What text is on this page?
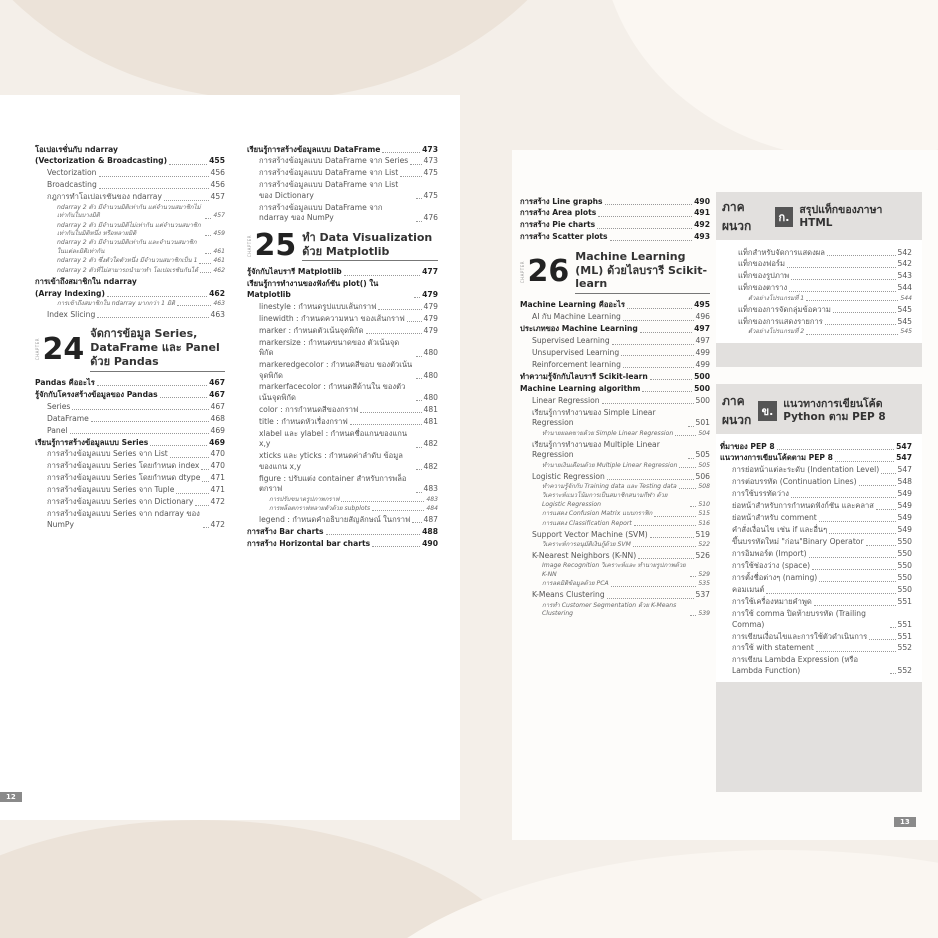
โอเปอเรชั่นกับ ndarray
(Vectorization & Broadcasting)	455
Vectorization	456
Broadcasting	456
กฎการทำโอเปอเรชันของ ndarray	457
ndarray 2 ตัว มีจำนวนมิติเท่ากัน แต่จำนวนสมาชิกไม่เท่ากันในบางมิติ	457
ndarray 2 ตัว มีจำนวนมิติไม่เท่ากัน แต่จำนวนสมาชิกเท่ากันในมิติหนึ่ง หรือหลายมิติ	459
ndarray 2 ตัว มีจำนวนมิติเท่ากัน และจำนวนสมาชิกในแต่ละมิติเท่ากัน	461
ndarray 2 ตัว ซึ่งตัวใดตัวหนึ่ง มีจำนวนสมาชิกเป็น 1	461
ndarray 2 ตัวที่ไม่สามารถนำมาทำ โอเปอเรชันกันได้	462
การเข้าถึงสมาชิกใน ndarray
(Array Indexing)	462
การเข้าถึงสมาชิกใน ndarray มากกว่า 1 มิติ	463
Index Slicing	463
CHAPTER 24 จัดการข้อมูล Series, DataFrame และ Panel ด้วย Pandas
Pandas คืออะไร	467
รู้จักกับโครงสร้างข้อมูลของ Pandas	467
Series	467
DataFrame	468
Panel	469
เรียนรู้การสร้างข้อมูลแบบ Series	469
การสร้างข้อมูลแบบ Series จาก List	470
การสร้างข้อมูลแบบ Series โดยกำหนด index 470
การสร้างข้อมูลแบบ Series โดยกำหนด dtype 471
การสร้างข้อมูลแบบ Series จาก Tuple	471
การสร้างข้อมูลแบบ Series จาก Dictionary 472
การสร้างข้อมูลแบบ Series จาก ndarray ของ NumPy	472
เรียนรู้การสร้างข้อมูลแบบ DataFrame	473
การสร้างข้อมูลแบบ DataFrame จาก Series 473
การสร้างข้อมูลแบบ DataFrame จาก List	475
การสร้างข้อมูลแบบ DataFrame จาก List ของ Dictionary	475
การสร้างข้อมูลแบบ DataFrame จาก ndarray ของ NumPy	476
CHAPTER 25 ทำ Data Visualization ด้วย Matplotlib
รู้จักกับไลบรารี Matplotlib	477
เรียนรู้การทำงานของฟังก์ชัน plot() ใน Matplotlib	479
linestyle : กำหนดรูปแบบเส้นกราฟ	479
linewidth : กำหนดความหนา ของเส้นกราฟ 479
marker : กำหนดตัวเน้นจุดพิกัด	479
markersize : กำหนดขนาดของ ตัวเน้นจุดพิกัด	480
markeredgecolor : กำหนดสีขอบ ของตัวเน้นจุดพิกัด	480
markerfacecolor : กำหนดสีด้านใน ของตัวเน้นจุดพิกัด	480
color : การกำหนดสีของกราฟ	481
title : กำหนดหัวเรื่องกราฟ	481
xlabel และ ylabel : กำหนดชื่อแกนของแกน x,y	482
xticks และ yticks : กำหนดค่าลำดับ ข้อมูลของแกน x,y	482
figure : ปรับแต่ง container สำหรับการพล็อตกราฟ	483
การปรับขนาดรูปภาพกราฟ	483
การพล็อตกราฟหลายตัวด้วย subplots	484
legend : กำหนดคำอธิบายสัญลักษณ์ ในกราฟ 487
การสร้าง Bar charts	488
การสร้าง Horizontal bar charts	490
12
การสร้าง Line graphs	490
การสร้าง Area plots	491
การสร้าง Pie charts	492
การสร้าง Scatter plots	493
CHAPTER 26 Machine Learning (ML) ด้วยไลบรารี Scikit-learn
Machine Learning คืออะไร	495
AI กับ Machine Learning	496
ประเภทของ Machine Learning	497
Supervised Learning	497
Unsupervised Learning	499
Reinforcement learning	499
ทำความรู้จักกับไลบรารี Scikit-learn	500
Machine Learning algorithm	500
Linear Regression	500
เรียนรู้การทำงานของ Simple Linear Regression	501
ทำนายยอดขายด้วย Simple Linear Regression	504
เรียนรู้การทำงานของ Multiple Linear Regression	505
ทำนายเงินเดือนด้วย Multiple Linear Regression	505
Logistic Regression	506
ทำความรู้จักกับ Training data และ Testing data	508
วิเคราะห์แนวโน้มการเป็นสมาชิกสนามกีฬา ด้วย Logistic Regression	510
การแสดง Confusion Matrix แบบกราฟิก	515
การแสดง Classification Report	516
Support Vector Machine (SVM)	519
วิเคราะห์การอนุมัติเงินกู้ด้วย SVM	522
K-Nearest Neighbors (K-NN)	526
Image Recognition วิเคราะห์และ ทำนายรูปภาพด้วย K-NN	529
การลดมิติข้อมูลด้วย PCA	535
K-Means Clustering	537
การทำ Customer Segmentation ด้วย K-Means Clustering	539
ภาคผนวก
ก.
สรุปแท็กของภาษา HTML
แท็กสำหรับจัดการแสดงผล	542
แท็กของฟอร์ม	542
แท็กของรูปภาพ	543
แท็กของตาราง	544
ตัวอย่างโปรแกรมที่ 1	544
แท็กของการจัดกลุ่มข้อความ	545
แท็กของการแสดงรายการ	545
ตัวอย่างโปรแกรมที่ 2	545
ภาคผนวก
ข.
แนวทางการเขียนโค้ด Python ตาม PEP 8
ที่มาของ PEP 8	547
แนวทางการเขียนโค้ดตาม PEP 8	547
การย่อหน้าแต่ละระดับ (Indentation Level) 547
การต่อบรรทัด (Continuation Lines)	548
การใช้บรรทัดว่าง	549
ย่อหน้าสำหรับการกำหนดฟังก์ชัน และคลาส	549
ย่อหน้าสำหรับ comment	549
คำสั่งเงื่อนไข เช่น if และอื่นๆ	549
ขึ้นบรรทัดใหม่ "ก่อน"Binary Operator	550
การอิมพอร์ต (Import)	550
การใช้ช่องว่าง (space)	550
การตั้งชื่อต่างๆ (naming)	550
คอมเมนต์	550
การใช้เครื่องหมายคำพูด	551
การใช้ comma ปิดท้ายบรรทัด (Trailing Comma)	551
การเขียนเงื่อนไขและการใช้ตัวดำเนินการ	551
การใช้ with statement	552
การเขียน Lambda Expression (หรือ Lambda Function)	552
13
